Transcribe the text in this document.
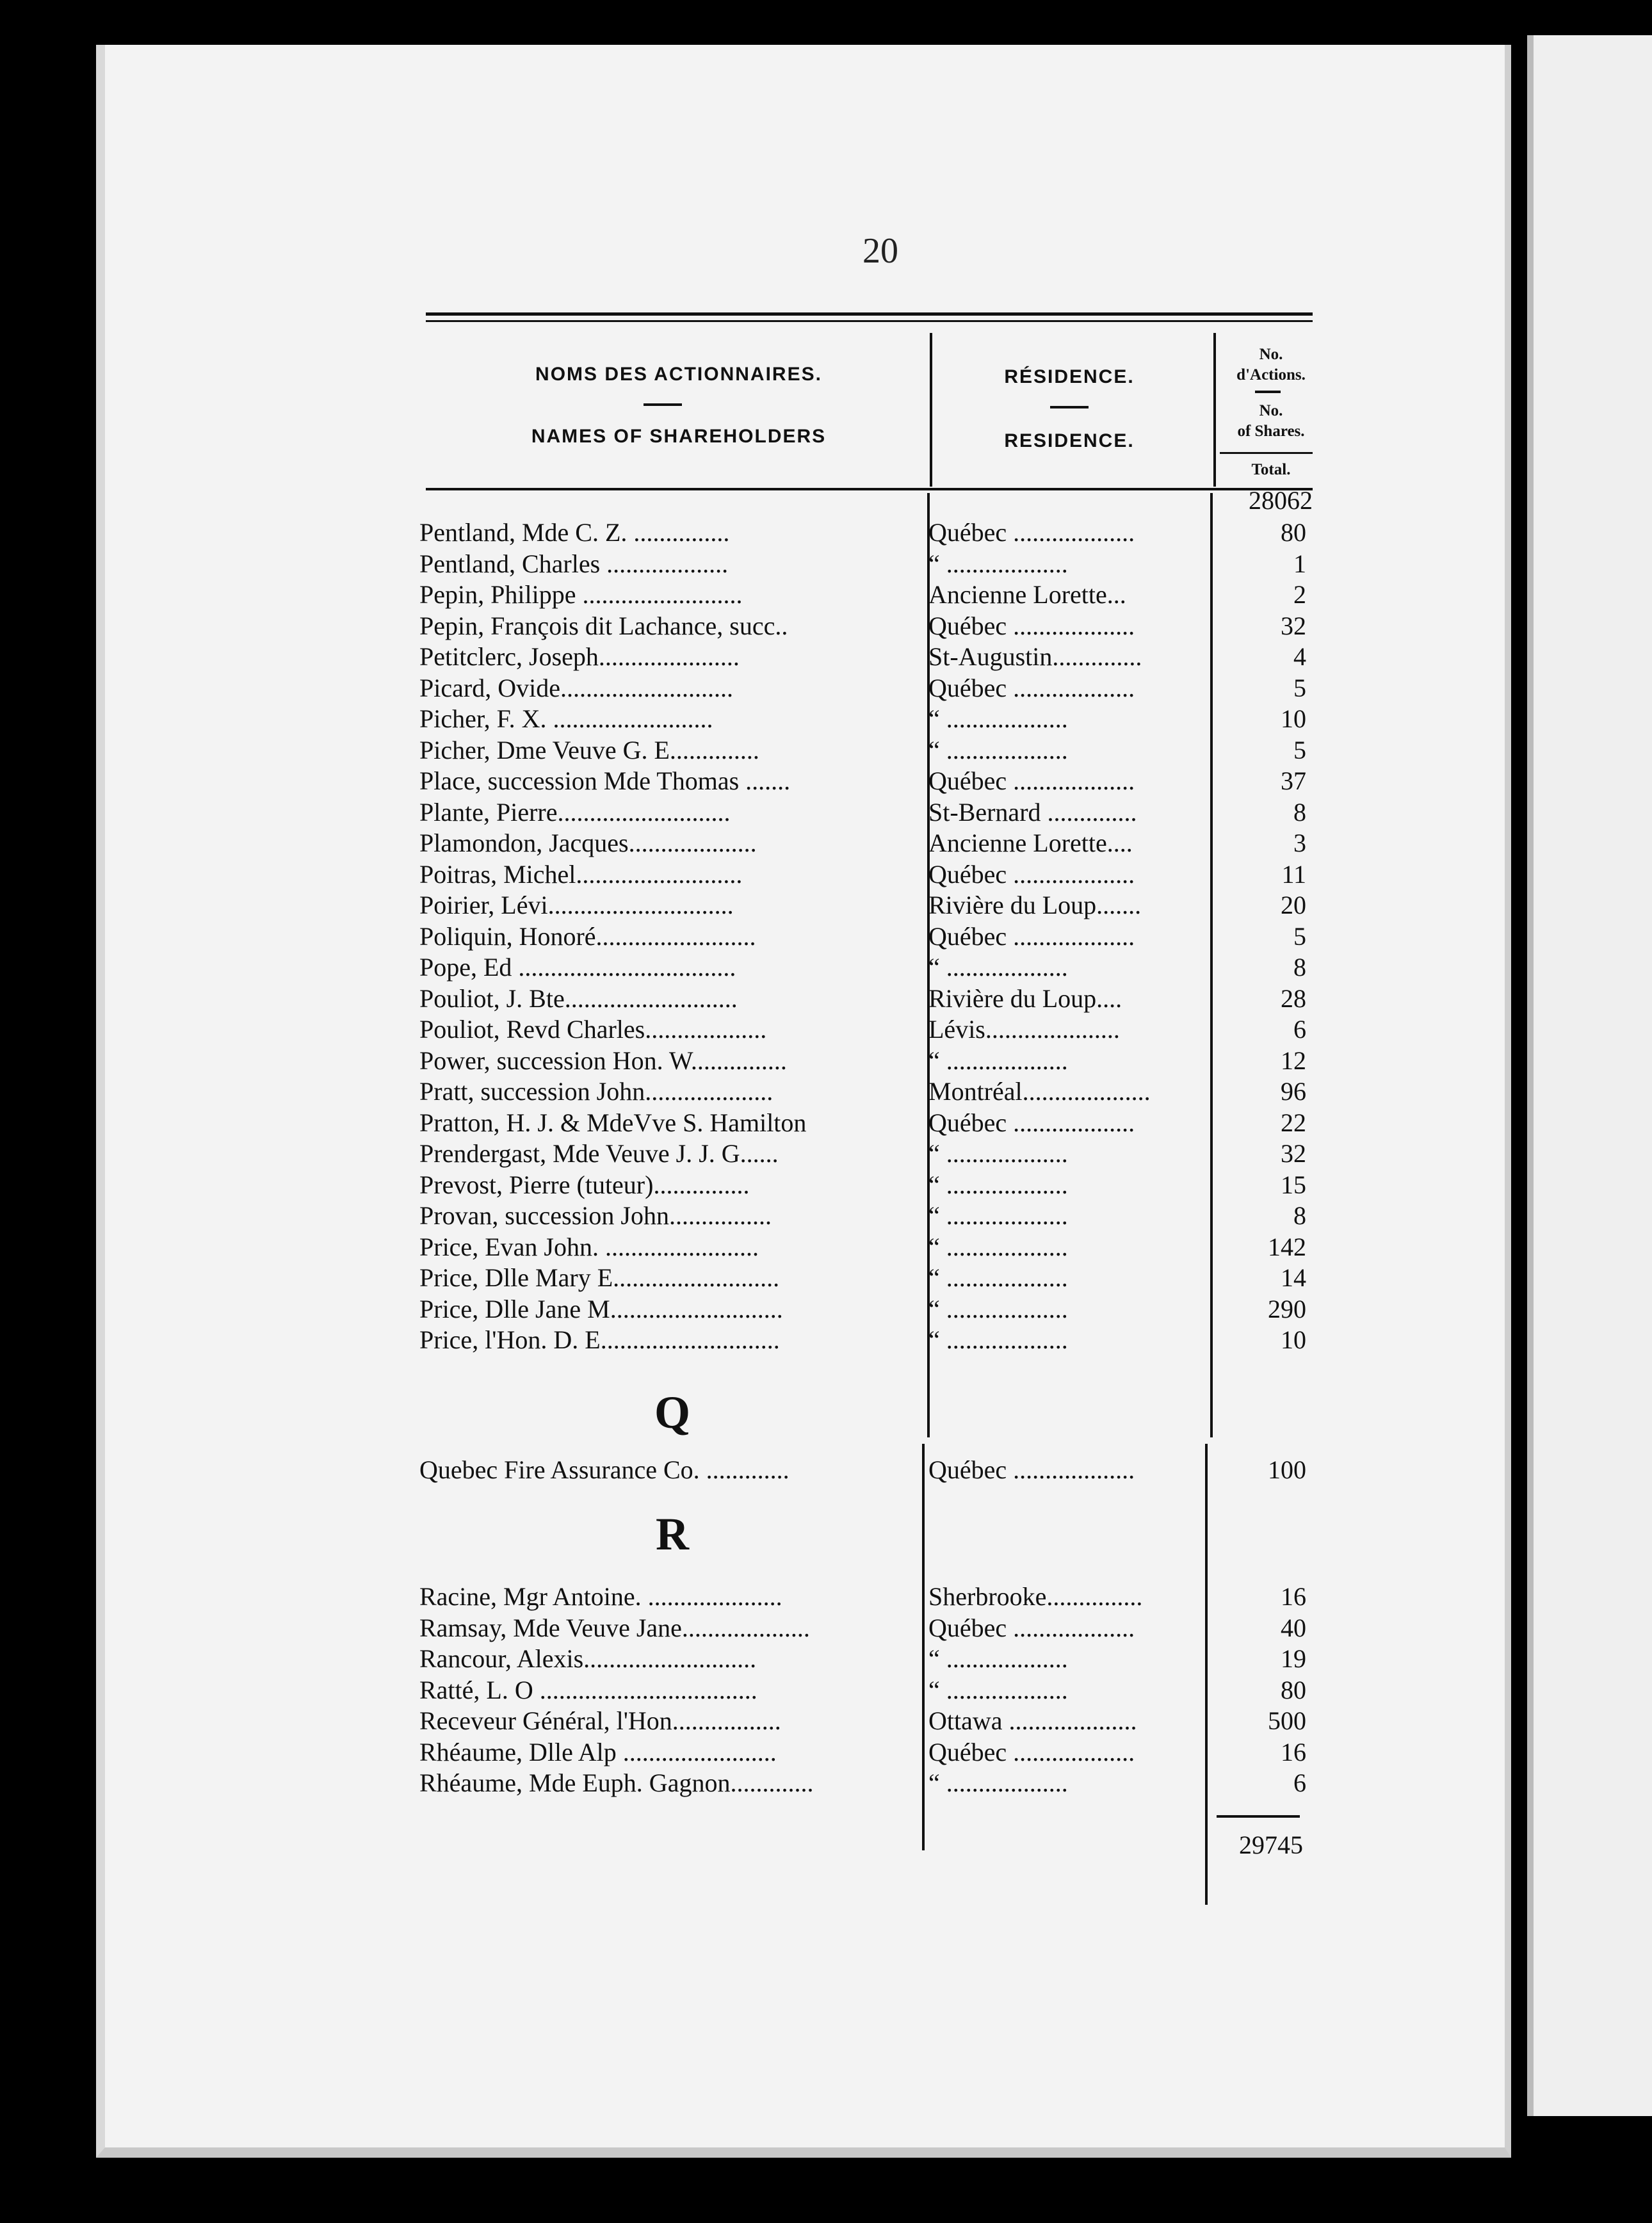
20
NOMS DES ACTIONNAIRES.
NAMES OF SHAREHOLDERS
RÉSIDENCE.
RESIDENCE.
No.
d'Actions.
No.
of Shares.
Total.
28062
Pentland, Mde C. Z. ...............	Québec ...................	80
Pentland, Charles ...................	“ ...................	1
Pepin, Philippe .........................	Ancienne Lorette...	2
Pepin, François dit Lachance, succ..	Québec ...................	32
Petitclerc, Joseph......................	St-Augustin..............	4
Picard, Ovide...........................	Québec ...................	5
Picher, F. X. .........................	“ ...................	10
Picher, Dme Veuve G. E..............	“ ...................	5
Place, succession Mde Thomas .......	Québec ...................	37
Plante, Pierre...........................	St-Bernard ..............	8
Plamondon, Jacques....................	Ancienne Lorette....	3
Poitras, Michel..........................	Québec ...................	11
Poirier, Lévi.............................	Rivière du Loup.......	20
Poliquin, Honoré.........................	Québec ...................	5
Pope, Ed ..................................	“ ...................	8
Pouliot, J. Bte...........................	Rivière du Loup....	28
Pouliot, Revd Charles...................	Lévis.....................	6
Power, succession Hon. W...............	“ ...................	12
Pratt, succession John....................	Montréal....................	96
Pratton, H. J. & MdeVve S. Hamilton	Québec ...................	22
Prendergast, Mde Veuve J. J. G......	“ ...................	32
Prevost, Pierre (tuteur)...............	“ ...................	15
Provan, succession John................	“ ...................	8
Price, Evan John. ........................	“ ...................	142
Price, Dlle Mary E..........................	“ ...................	14
Price, Dlle Jane M...........................	“ ...................	290
Price, l'Hon. D. E............................	“ ...................	10
Q
Quebec Fire Assurance Co. .............	Québec ...................	100
R
Racine, Mgr Antoine. .....................	Sherbrooke...............	16
Ramsay, Mde Veuve Jane....................	Québec ...................	40
Rancour, Alexis...........................	“ ...................	19
Ratté, L. O ..................................	“ ...................	80
Receveur Général, l'Hon.................	Ottawa ....................	500
Rhéaume, Dlle Alp ........................	Québec ...................	16
Rhéaume, Mde Euph. Gagnon.............	“ ...................	6
29745
